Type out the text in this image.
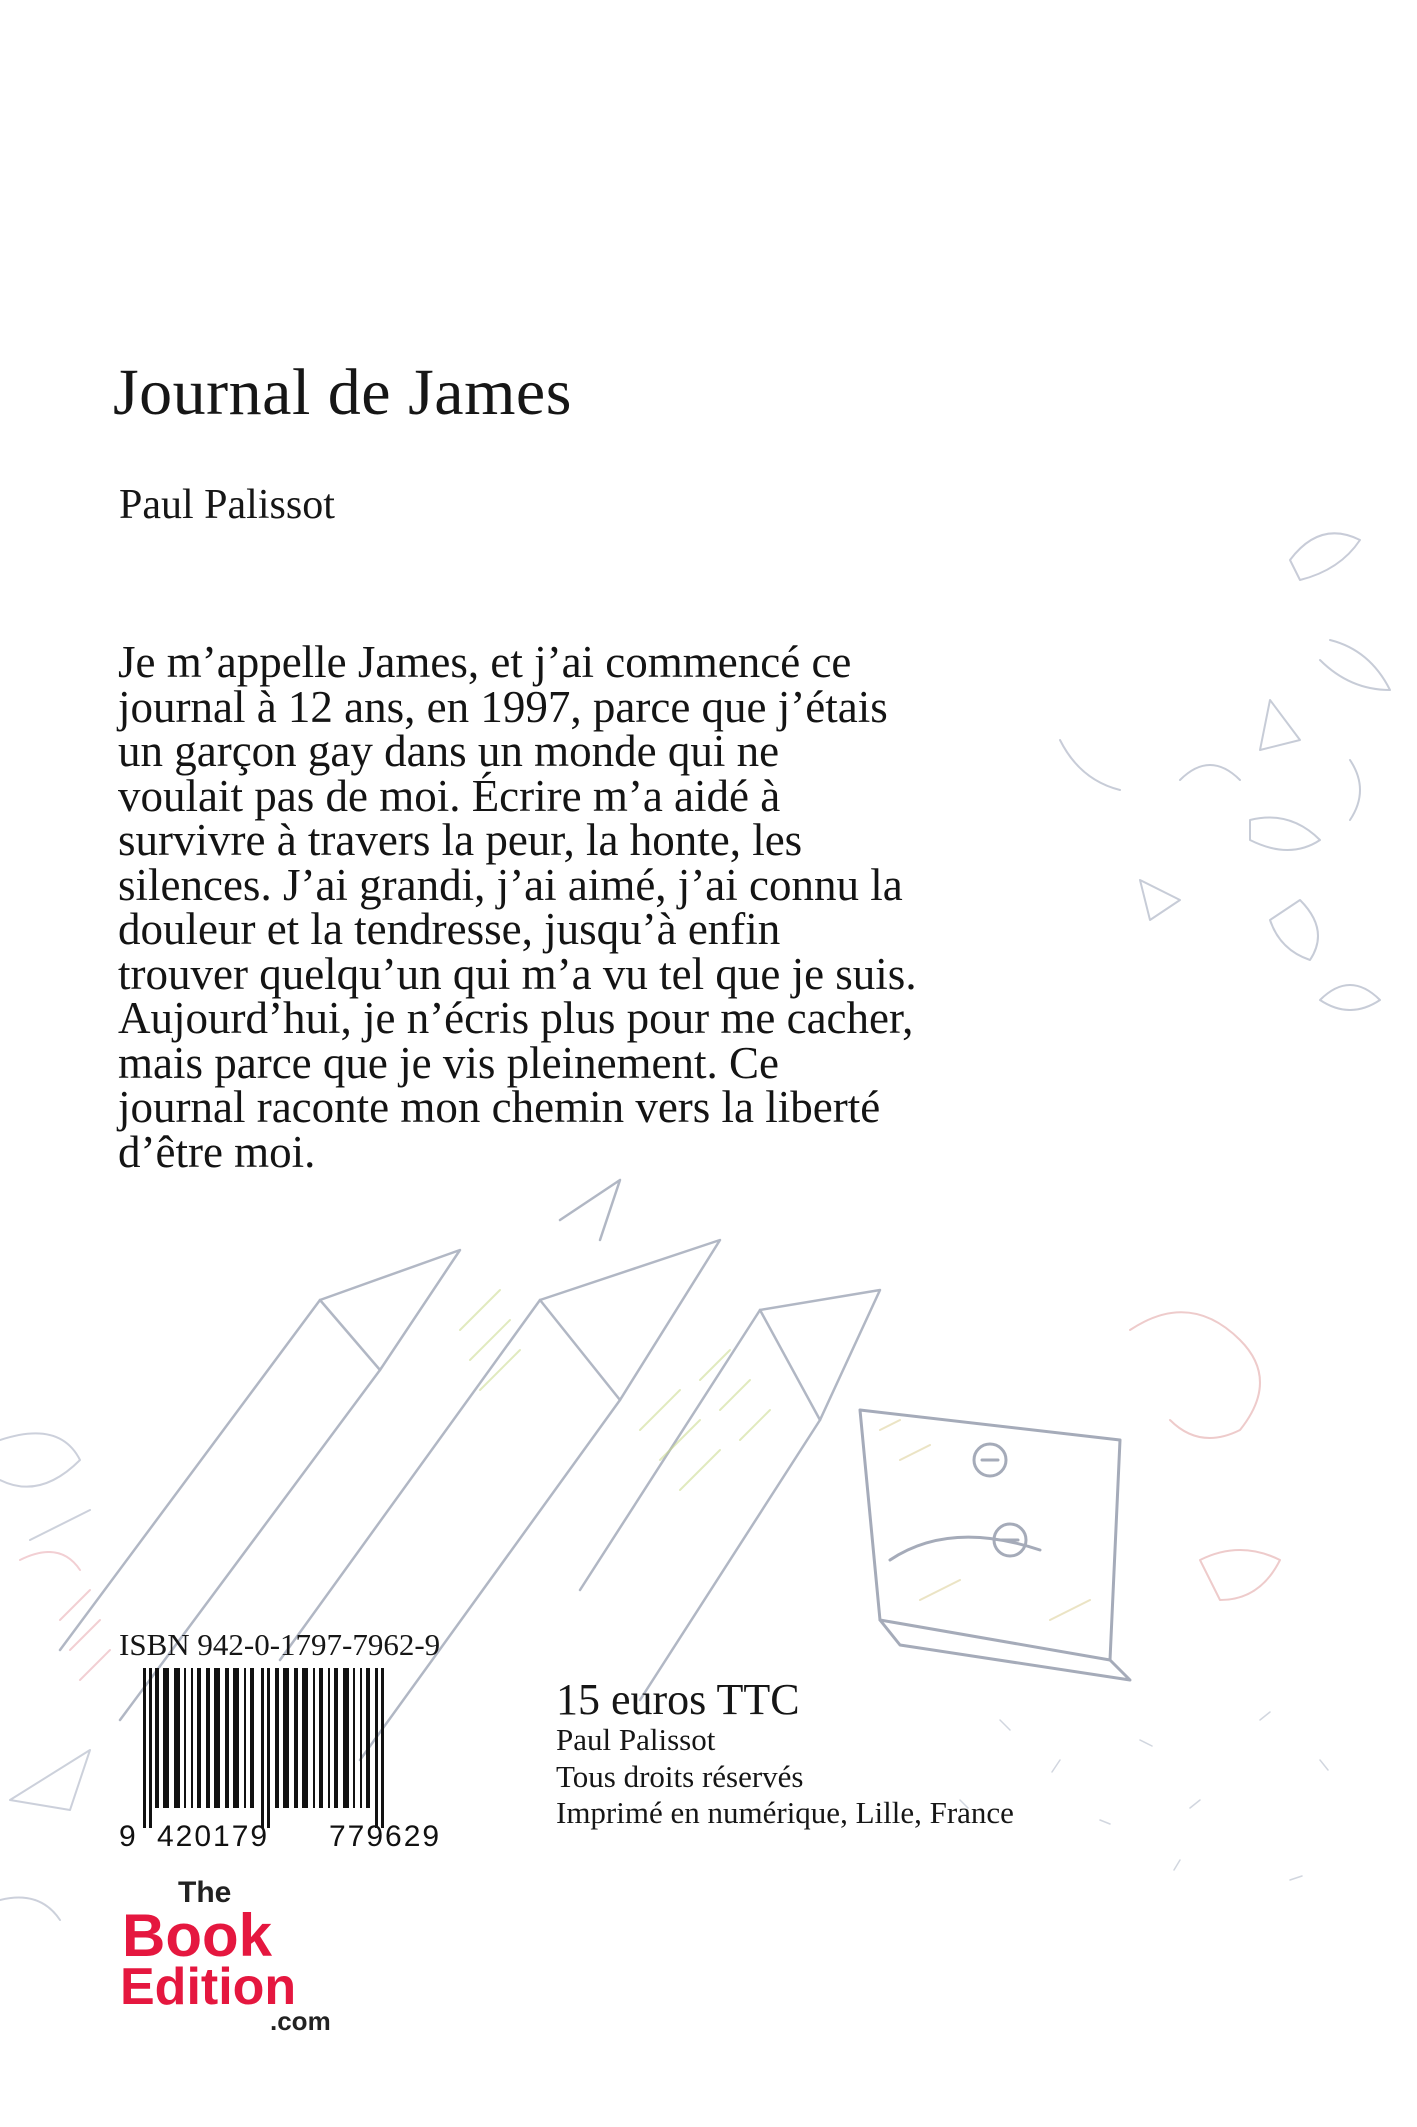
Journal de James
Paul Palissot

Je m’appelle James, et j’ai commencé ce

journal à 12 ans, en 1997, parce que j’étais

un garçon gay dans un monde qui ne

voulait pas de moi. Écrire m’a aidé à

survivre à travers la peur, la honte, les

silences. J’ai grandi, j’ai aimé, j’ai connu la

douleur et la tendresse, jusqu’à enfin

trouver quelqu’un qui m’a vu tel que je suis.

Aujourd’hui, je n’écris plus pour me cacher,

mais parce que je vis pleinement. Ce

journal raconte mon chemin vers la liberté

d’être moi.

ISBN 942-0-1797-7962-9
9 420179 779629
15 euros TTC
Paul Palissot
Tous droits réservés
Imprimé en numérique, Lille, France
The
Book
Edition
.com
